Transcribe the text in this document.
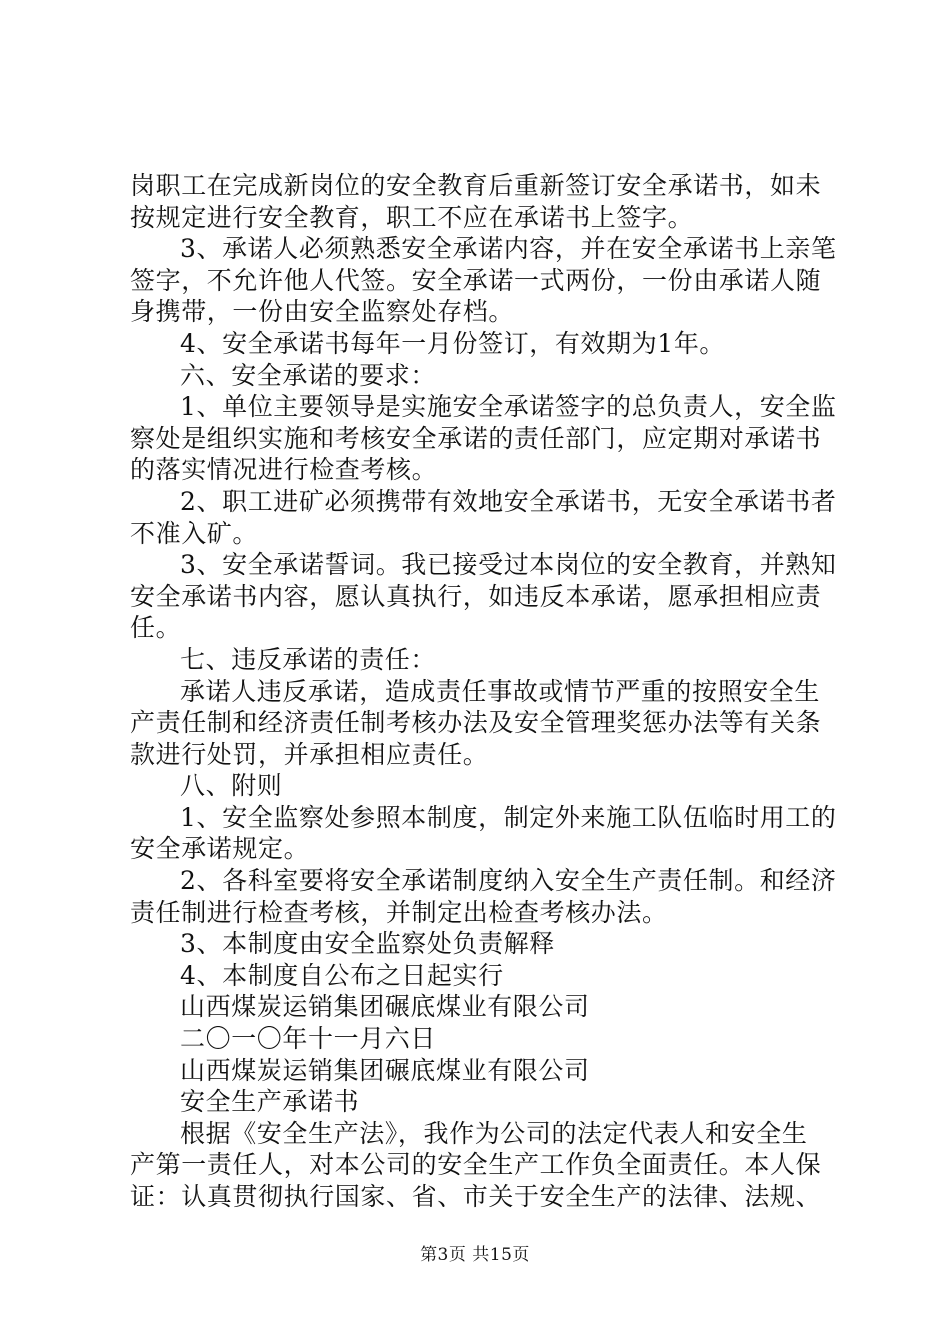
岗职工在完成新岗位的安全教育后重新签订安全承诺书，如未
按规定进行安全教育，职工不应在承诺书上签字。
3、承诺人必须熟悉安全承诺内容，并在安全承诺书上亲笔
签字，不允许他人代签。安全承诺一式两份，一份由承诺人随
身携带，一份由安全监察处存档。
4、安全承诺书每年一月份签订，有效期为1年。
六、安全承诺的要求：
1、单位主要领导是实施安全承诺签字的总负责人，安全监
察处是组织实施和考核安全承诺的责任部门，应定期对承诺书
的落实情况进行检查考核。
2、职工进矿必须携带有效地安全承诺书，无安全承诺书者
不准入矿。
3、安全承诺誓词。我已接受过本岗位的安全教育，并熟知
安全承诺书内容，愿认真执行，如违反本承诺，愿承担相应责
任。
七、违反承诺的责任：
承诺人违反承诺，造成责任事故或情节严重的按照安全生
产责任制和经济责任制考核办法及安全管理奖惩办法等有关条
款进行处罚，并承担相应责任。
八、附则
1、安全监察处参照本制度，制定外来施工队伍临时用工的
安全承诺规定。
2、各科室要将安全承诺制度纳入安全生产责任制。和经济
责任制进行检查考核，并制定出检查考核办法。
3、本制度由安全监察处负责解释
4、本制度自公布之日起实行
山西煤炭运销集团碾底煤业有限公司
二〇一〇年十一月六日
山西煤炭运销集团碾底煤业有限公司
安全生产承诺书
根据《安全生产法》，我作为公司的法定代表人和安全生
产第一责任人，对本公司的安全生产工作负全面责任。本人保
证：认真贯彻执行国家、省、市关于安全生产的法律、法规、
第3页 共15页
